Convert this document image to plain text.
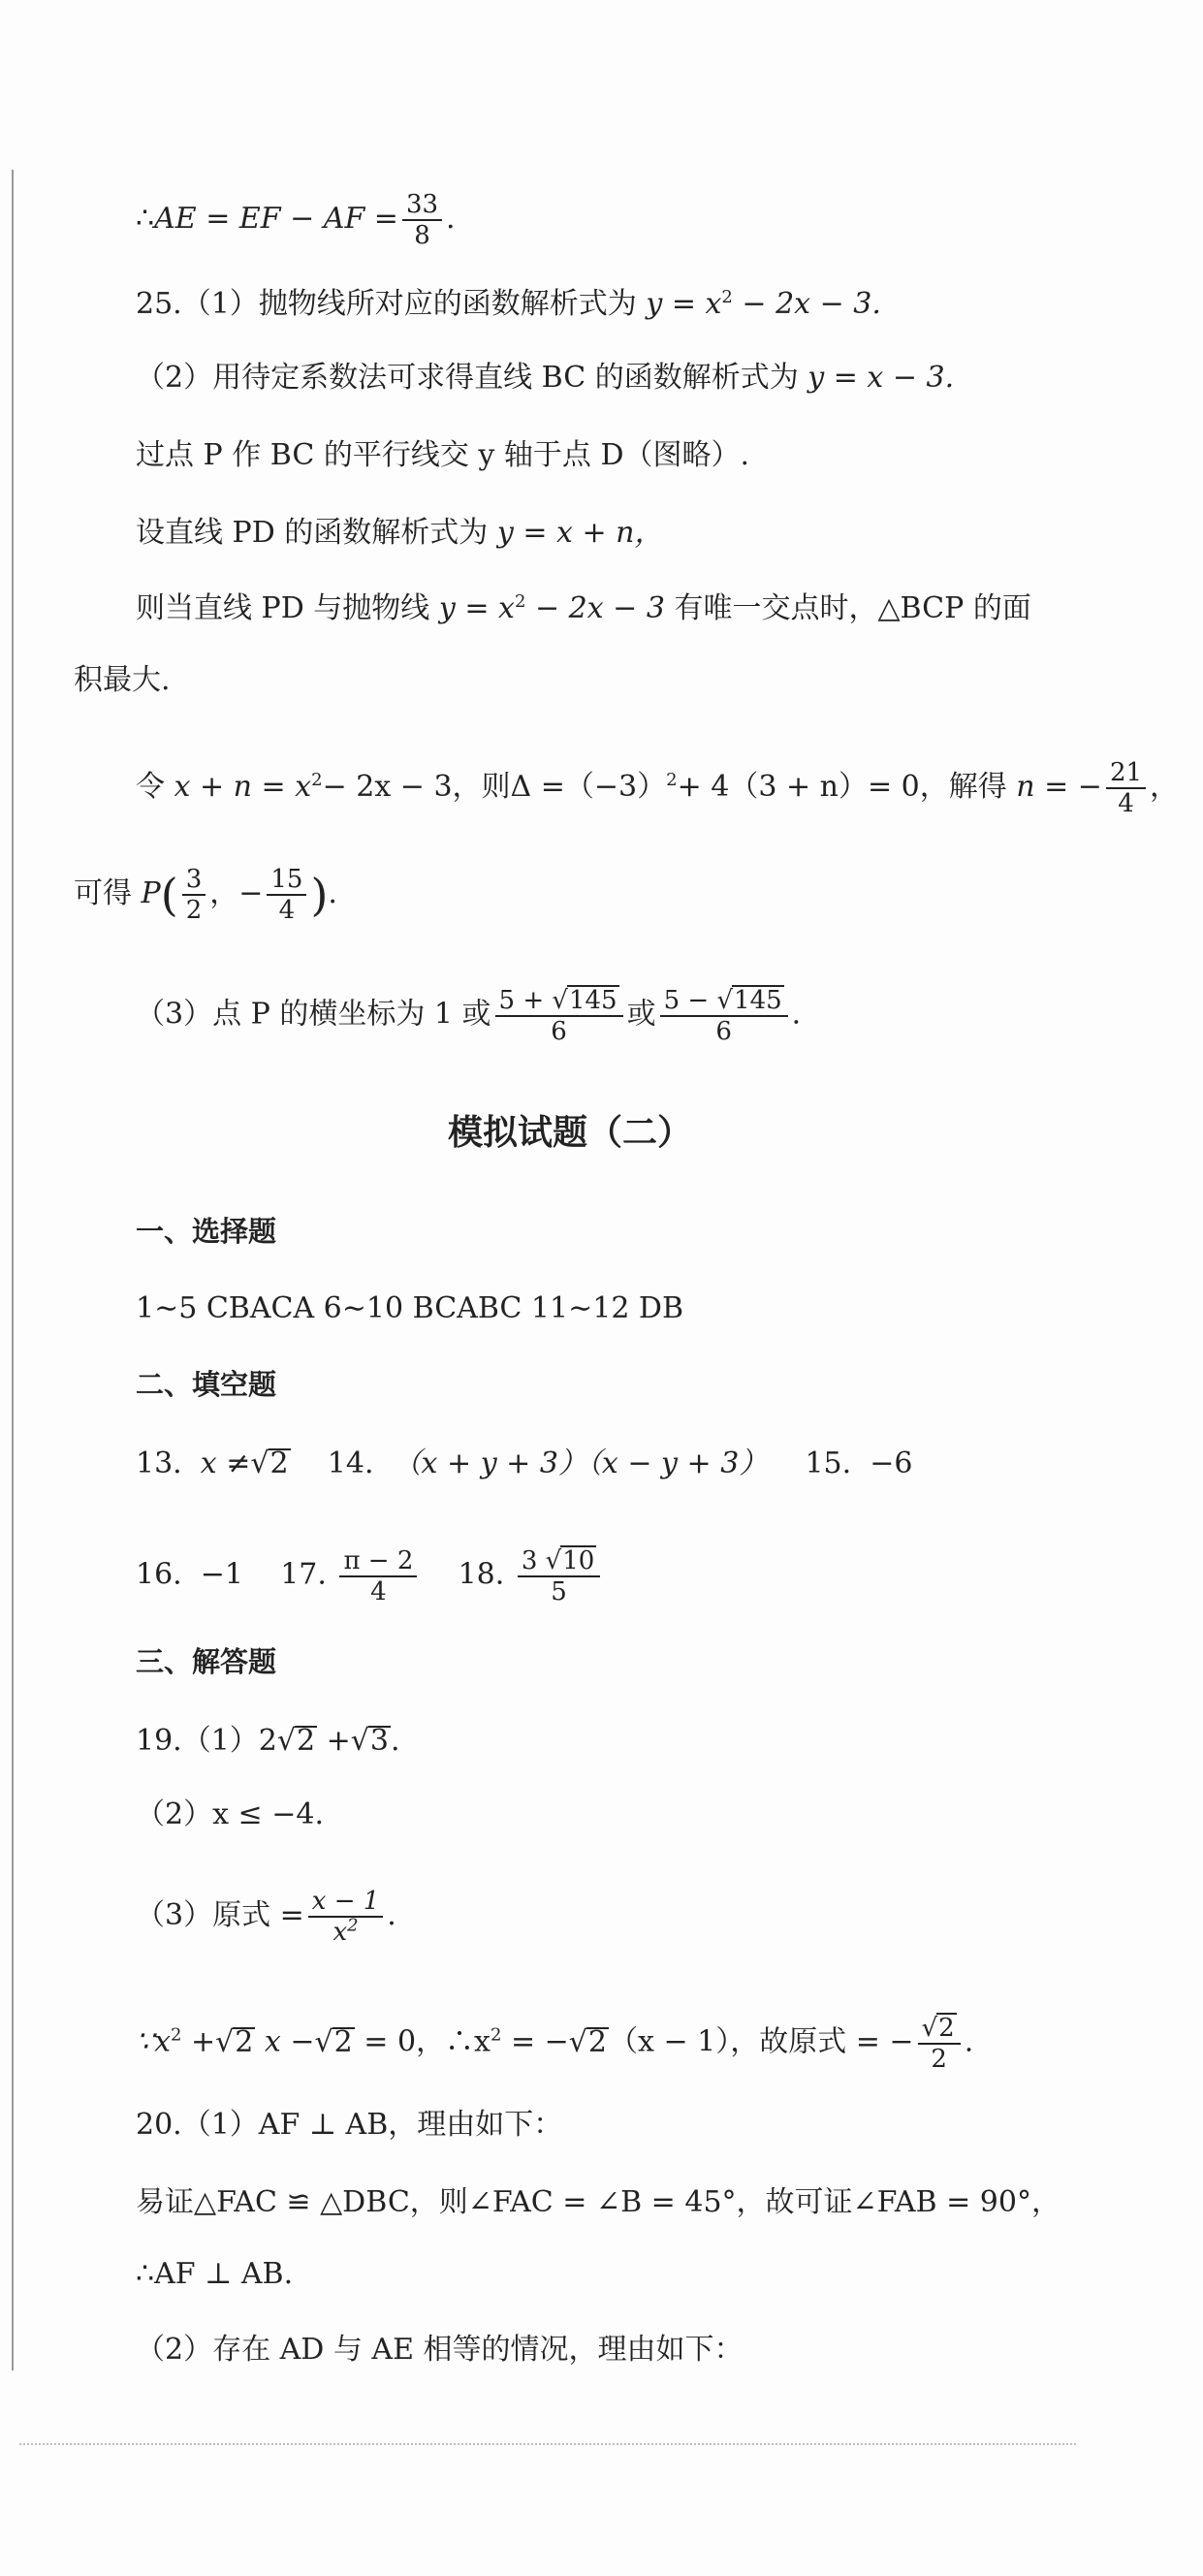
∴AE = EF − AF = $\frac{33}{8}$ .
25.（1）抛物线所对应的函数解析式为 $y = x^2 - 2x - 3$.
（2）用待定系数法可求得直线 BC 的函数解析式为 y = x − 3.
过点 P 作 BC 的平行线交 y 轴于点 D（图略）.
设直线 PD 的函数解析式为 y = x + n，
则当直线 PD 与抛物线 $y = x^2 - 2x - 3$ 有唯一交点时，△BCP 的面
积最大.
令 $x + n = x^2- 2x - 3$，则$\Delta =(-3)^2+ 4(3 + n)= 0$，解得 n = − $\frac{21}{4}$ ，
可得 $P( \frac{3}{2}$ ，− $\frac{15}{4}$ ).
（3）点 P 的横坐标为 1 或 $\frac{5 + √145}{6}$ 或 $\frac{5 - √145}{6}$ .
模拟试题（二）
一、选择题
1∼5 CBACA 6∼10 BCABC 11∼12 DB
二、填空题
13. x ≠√2 14. （x + y + 3）（x − y + 3） 15. −6
16. −1 17. $\frac{\pi - 2}{4} 18$. $\frac{3 √10}{5}$
三、解答题
19.（1）2√2 +√3.
（2）x ≤ −4.
（3）原式 = $\frac{x - 1}{x^2}$ .
$\because x^2 +√2$ x −√2 = 0，$\therefore x^2 = -√2(x - 1)$，故原式 = − $\frac{√2}{2}$ .
20.（1）AF ⊥ AB，理由如下：
易证△FAC ≌ △DBC，则∠FAC = ∠B = 45°，故可证∠FAB = 90°，
∴AF ⊥ AB.
（2）存在 AD 与 AE 相等的情况，理由如下：
